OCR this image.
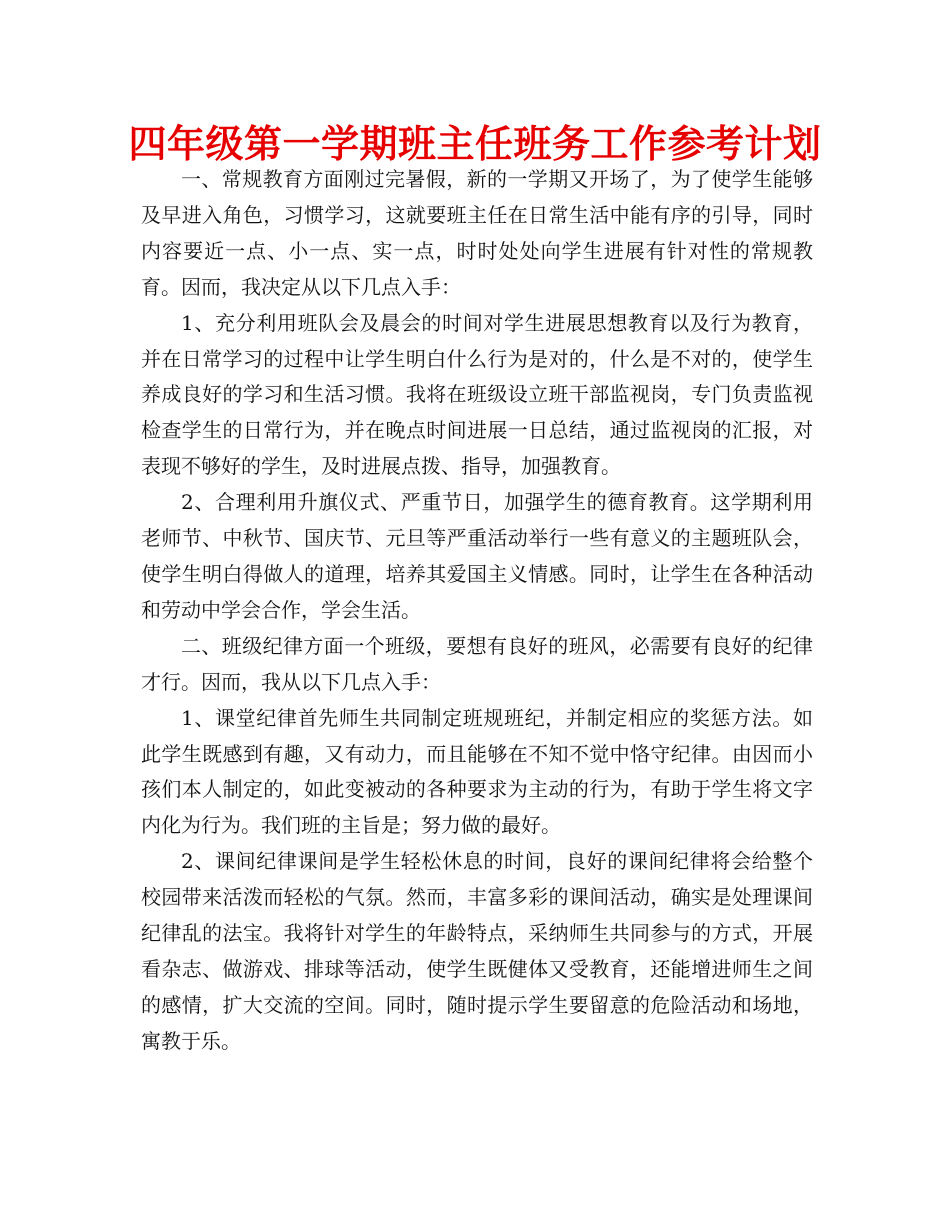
四年级第一学期班主任班务工作参考计划

一、常规教育方面刚过完暑假，新的一学期又开场了，为了使学生能够及早进入角色，习惯学习，这就要班主任在日常生活中能有序的引导，同时内容要近一点、小一点、实一点，时时处处向学生进展有针对性的常规教育。因而，我决定从以下几点入手：

1、充分利用班队会及晨会的时间对学生进展思想教育以及行为教育，并在日常学习的过程中让学生明白什么行为是对的，什么是不对的，使学生养成良好的学习和生活习惯。我将在班级设立班干部监视岗，专门负责监视检查学生的日常行为，并在晚点时间进展一日总结，通过监视岗的汇报，对表现不够好的学生，及时进展点拨、指导，加强教育。

2、合理利用升旗仪式、严重节日，加强学生的德育教育。这学期利用老师节、中秋节、国庆节、元旦等严重活动举行一些有意义的主题班队会，使学生明白得做人的道理，培养其爱国主义情感。同时，让学生在各种活动和劳动中学会合作，学会生活。

二、班级纪律方面一个班级，要想有良好的班风，必需要有良好的纪律才行。因而，我从以下几点入手：

1、课堂纪律首先师生共同制定班规班纪，并制定相应的奖惩方法。如此学生既感到有趣，又有动力，而且能够在不知不觉中恪守纪律。由因而小孩们本人制定的，如此变被动的各种要求为主动的行为，有助于学生将文字内化为行为。我们班的主旨是；努力做的最好。

2、课间纪律课间是学生轻松休息的时间，良好的课间纪律将会给整个校园带来活泼而轻松的气氛。然而，丰富多彩的课间活动，确实是处理课间纪律乱的法宝。我将针对学生的年龄特点，采纳师生共同参与的方式，开展看杂志、做游戏、排球等活动，使学生既健体又受教育，还能增进师生之间的感情，扩大交流的空间。同时，随时提示学生要留意的危险活动和场地，寓教于乐。
